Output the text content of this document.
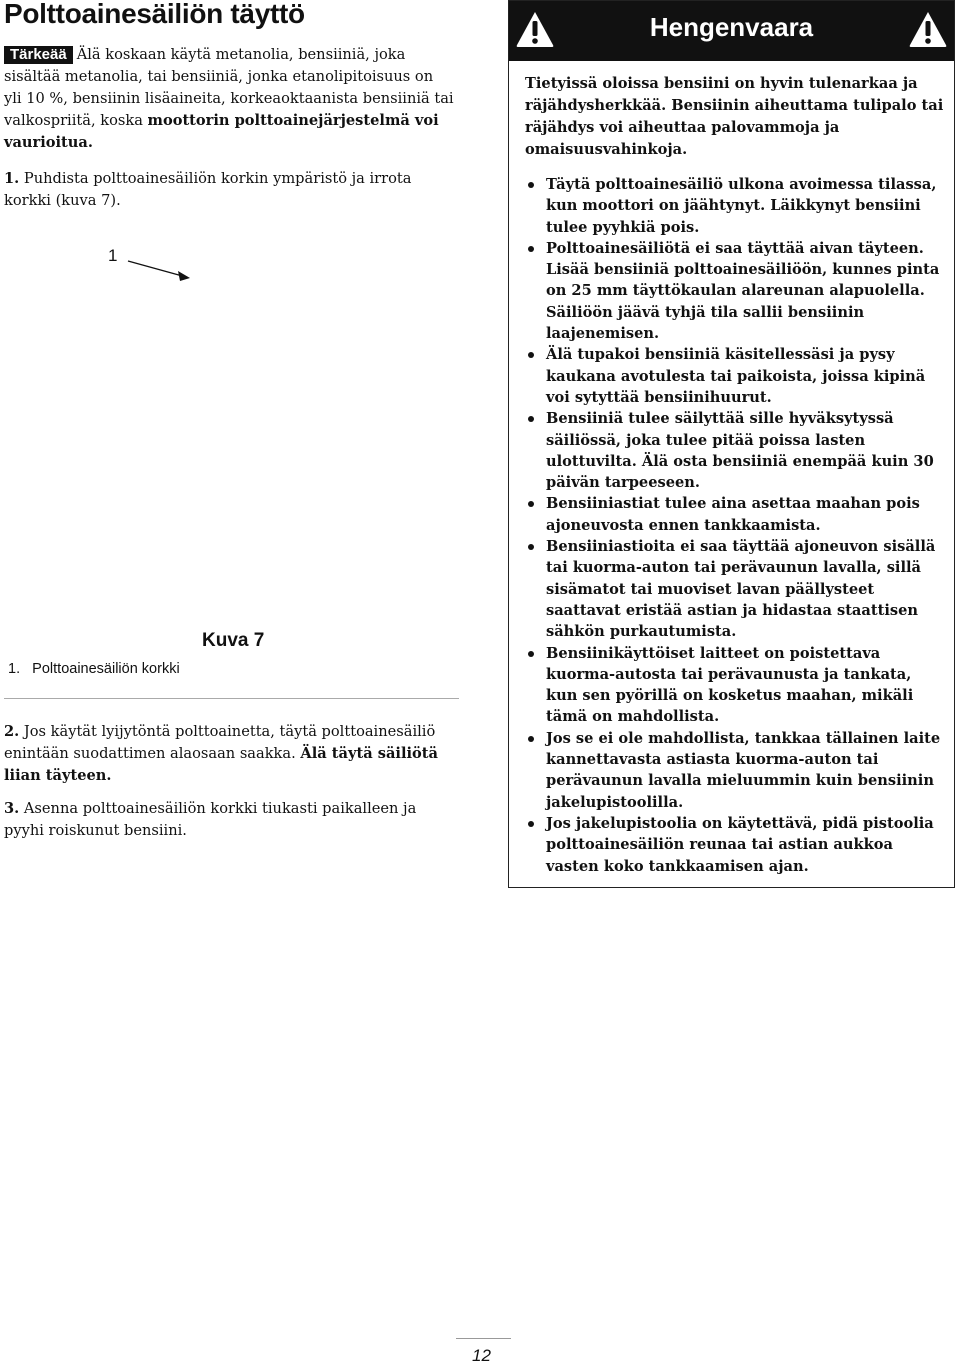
Polttoainesäiliön täyttö
Tärkeää Älä koskaan käytä metanolia, bensiiniä, joka sisältää metanolia, tai bensiiniä, jonka etanolipitoisuus on yli 10 %, bensiinin lisäaineita, korkeaoktaanista bensiiniä tai valkospriitä, koska moottorin polttoainejärjestelmä voi vaurioitua.
1. Puhdista polttoainesäiliön korkin ympäristö ja irrota korkki (kuva 7).
1
Kuva 7
1.   Polttoainesäiliön korkki
2. Jos käytät lyijytöntä polttoainetta, täytä polttoainesäiliö enintään suodattimen alaosaan saakka. Älä täytä säiliötä liian täyteen.
3. Asenna polttoainesäiliön korkki tiukasti paikalleen ja pyyhi roiskunut bensiini.
Hengenvaara
Tietyissä oloissa bensiini on hyvin tulenarkaa ja räjähdysherkkää. Bensiinin aiheuttama tulipalo tai räjähdys voi aiheuttaa palovammoja ja omaisuusvahinkoja.
Täytä polttoainesäiliö ulkona avoimessa tilassa, kun moottori on jäähtynyt. Läikkynyt bensiini tulee pyyhkiä pois.
Polttoainesäiliötä ei saa täyttää aivan täyteen. Lisää bensiiniä polttoainesäiliöön, kunnes pinta on 25 mm täyttökaulan alareunan alapuolella. Säiliöön jäävä tyhjä tila sallii bensiinin laajenemisen.
Älä tupakoi bensiiniä käsitellessäsi ja pysy kaukana avotulesta tai paikoista, joissa kipinä voi sytyttää bensiinihuurut.
Bensiiniä tulee säilyttää sille hyväksytyssä säiliössä, joka tulee pitää poissa lasten ulottuvilta. Älä osta bensiiniä enempää kuin 30 päivän tarpeeseen.
Bensiiniastiat tulee aina asettaa maahan pois ajoneuvosta ennen tankkaamista.
Bensiiniastioita ei saa täyttää ajoneuvon sisällä tai kuorma-auton tai perävaunun lavalla, sillä sisämatot tai muoviset lavan päällysteet saattavat eristää astian ja hidastaa staattisen sähkön purkautumista.
Bensiinikäyttöiset laitteet on poistettava kuorma-autosta tai perävaunusta ja tankata, kun sen pyörillä on kosketus maahan, mikäli tämä on mahdollista.
Jos se ei ole mahdollista, tankkaa tällainen laite kannettavasta astiasta kuorma-auton tai perävaunun lavalla mieluummin kuin bensiinin jakelupistoolilla.
Jos jakelupistoolia on käytettävä, pidä pistoolia polttoainesäiliön reunaa tai astian aukkoa vasten koko tankkaamisen ajan.
12
